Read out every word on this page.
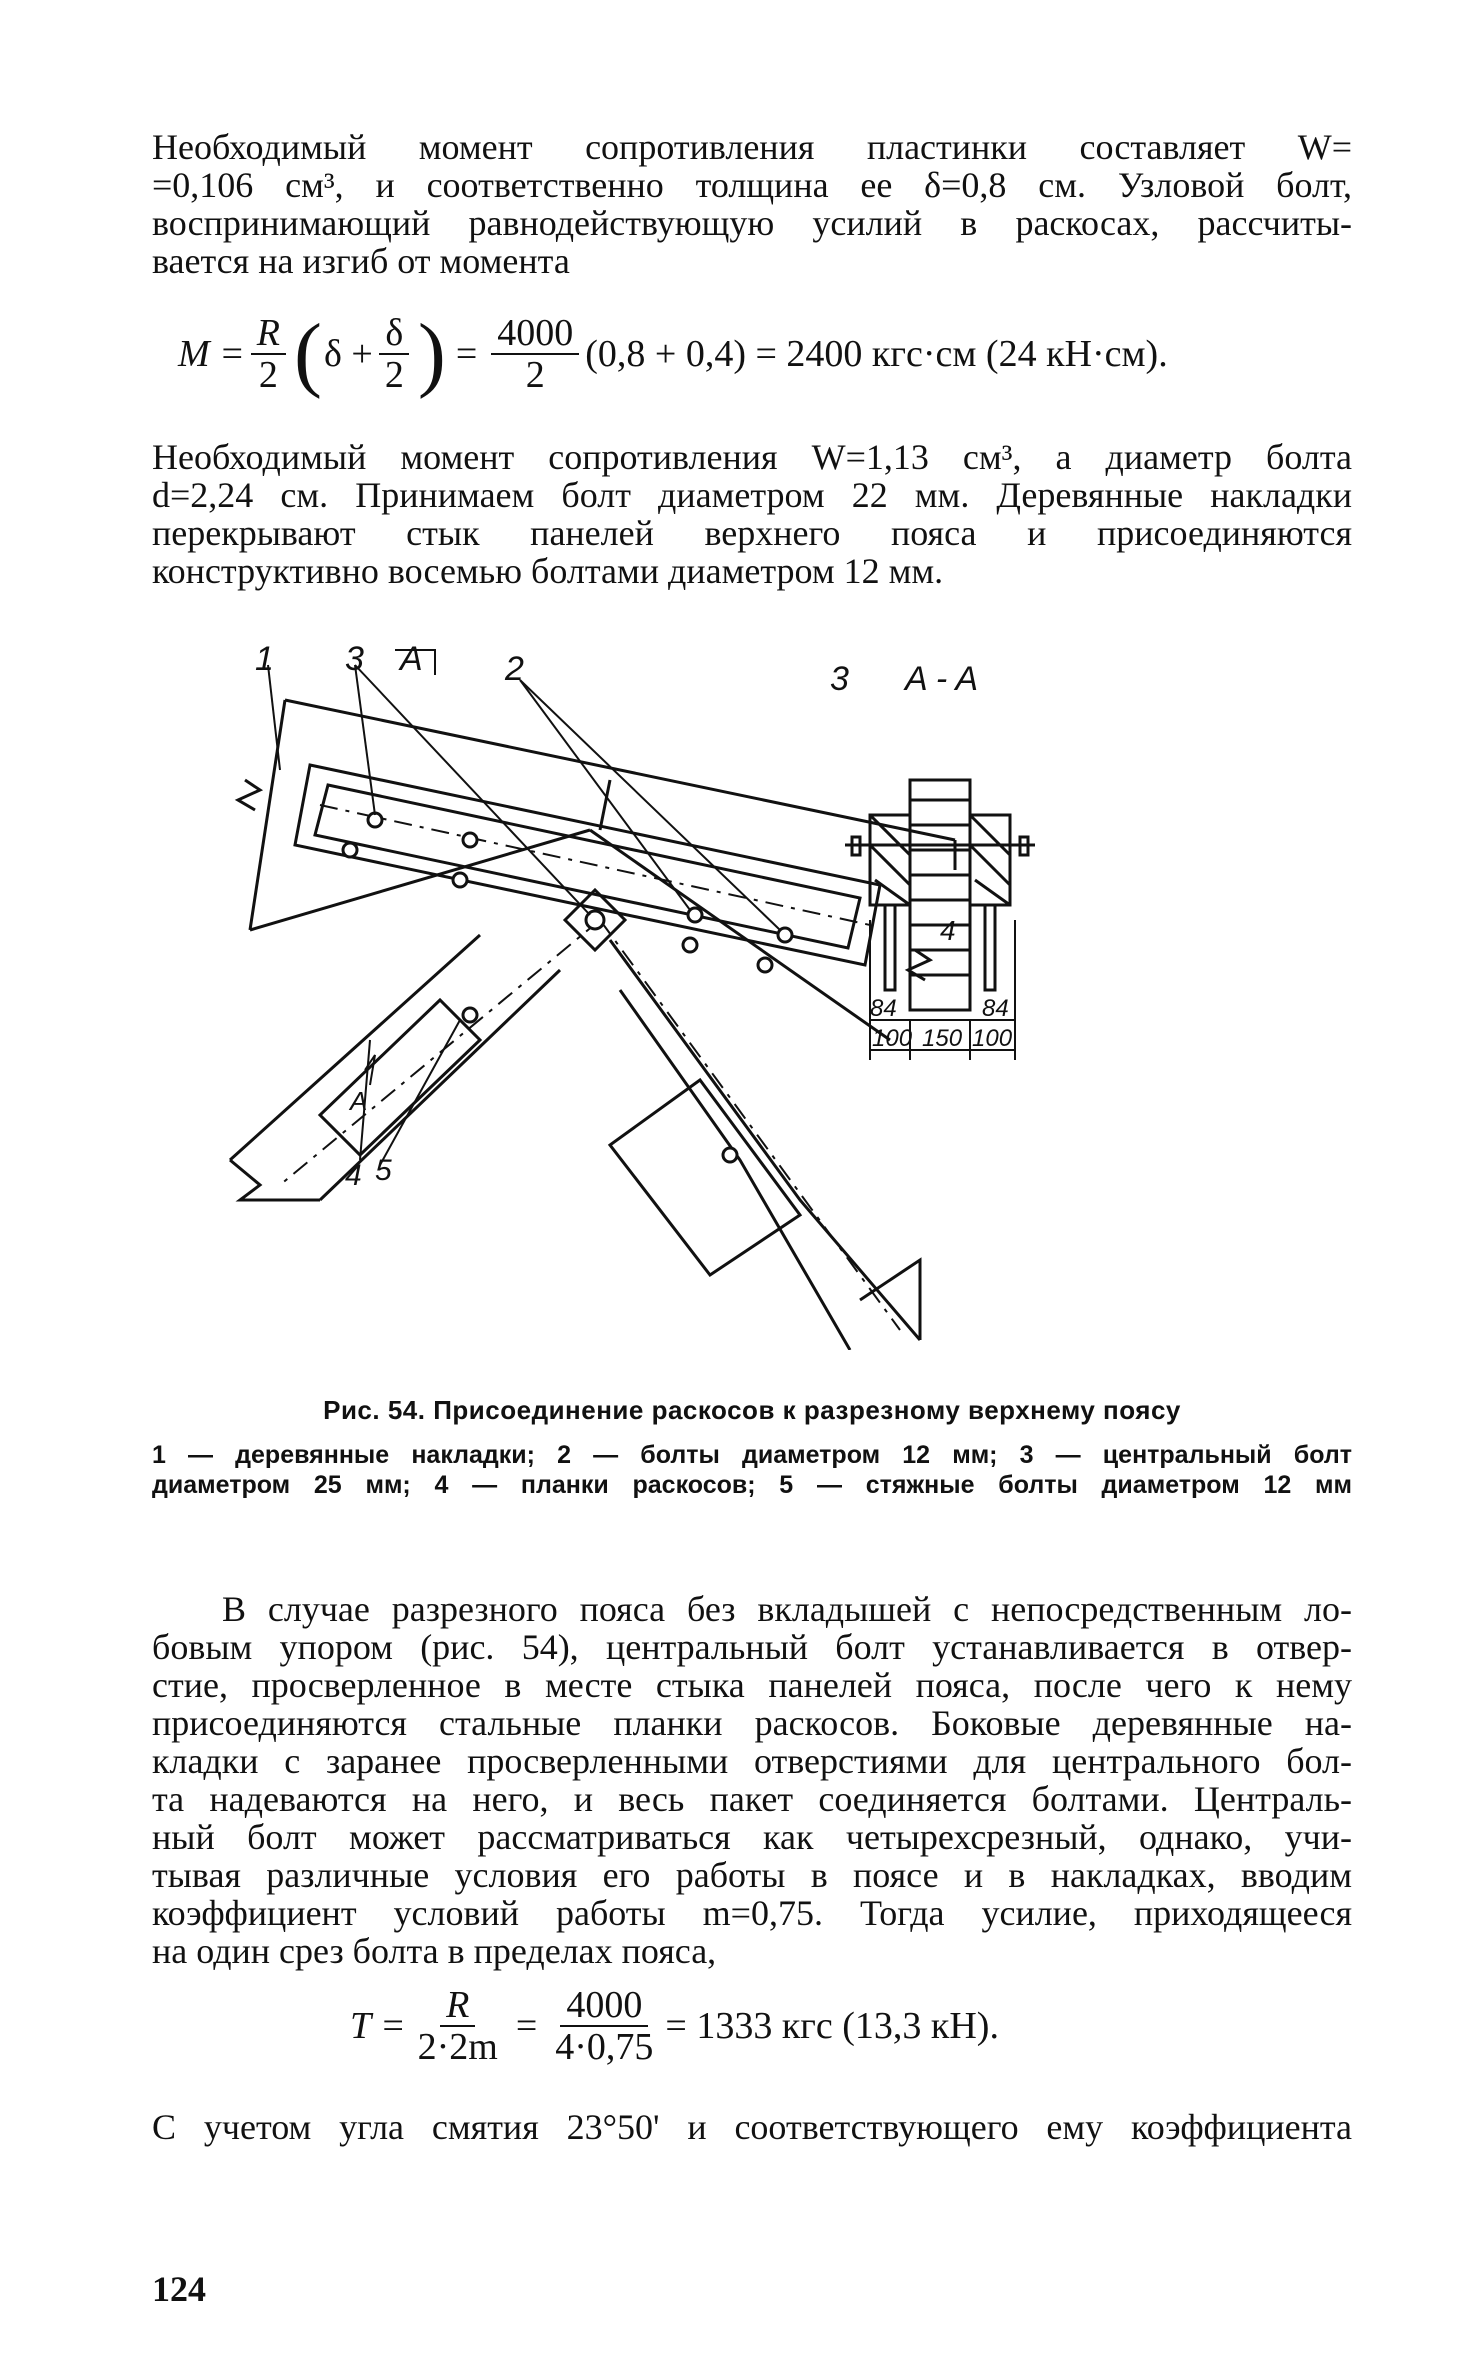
Необходимый момент сопротивления пластинки составляет W=
=0,106 см³, и соответственно толщина ее δ=0,8 см. Узловой болт,
воспринимающий равнодействующую усилий в раскосах, рассчиты-
вается на изгиб от момента
$M = \frac{R}{2}$ ( $\delta + \frac{\delta}{2}$ ) = $\frac{4000}{2} (0,8 + 0,4) = 2400$ кгс·см (24 кН·см).
Необходимый момент сопротивления W=1,13 см³, а диаметр болта
d=2,24 см. Принимаем болт диаметром 22 мм. Деревянные накладки
перекрывают стык панелей верхнего пояса и присоединяются
конструктивно восемью болтами диаметром 12 мм.
1 3 A 2	3 A - A
A
4 5
4
84	84
100 150 100
Рис. 54. Присоединение раскосов к разрезному верхнему поясу
1 — деревянные накладки; 2 — болты диаметром 12 мм; 3 — центральный болт
диаметром 25 мм; 4 — планки раскосов; 5 — стяжные болты диаметром 12 мм
В случае разрезного пояса без вкладышей с непосредственным ло-
бовым упором (рис. 54), центральный болт устанавливается в отвер-
стие, просверленное в месте стыка панелей пояса, после чего к нему
присоединяются стальные планки раскосов. Боковые деревянные на-
кладки с заранее просверленными отверстиями для центрального бол-
та надеваются на него, и весь пакет соединяется болтами. Централь-
ный болт может рассматриваться как четырехсрезный, однако, учи-
тывая различные условия его работы в поясе и в накладках, вводим
коэффициент условий работы m=0,75. Тогда усилие, приходящееся
на один срез болта в пределах пояса,
$T = \frac{R}{2\cdot 2m} = \frac{4000}{4\cdot 0,75} = 1333$ кгс (13,3 кН).
С учетом угла смятия 23°50' и соответствующего ему коэффициента
124
